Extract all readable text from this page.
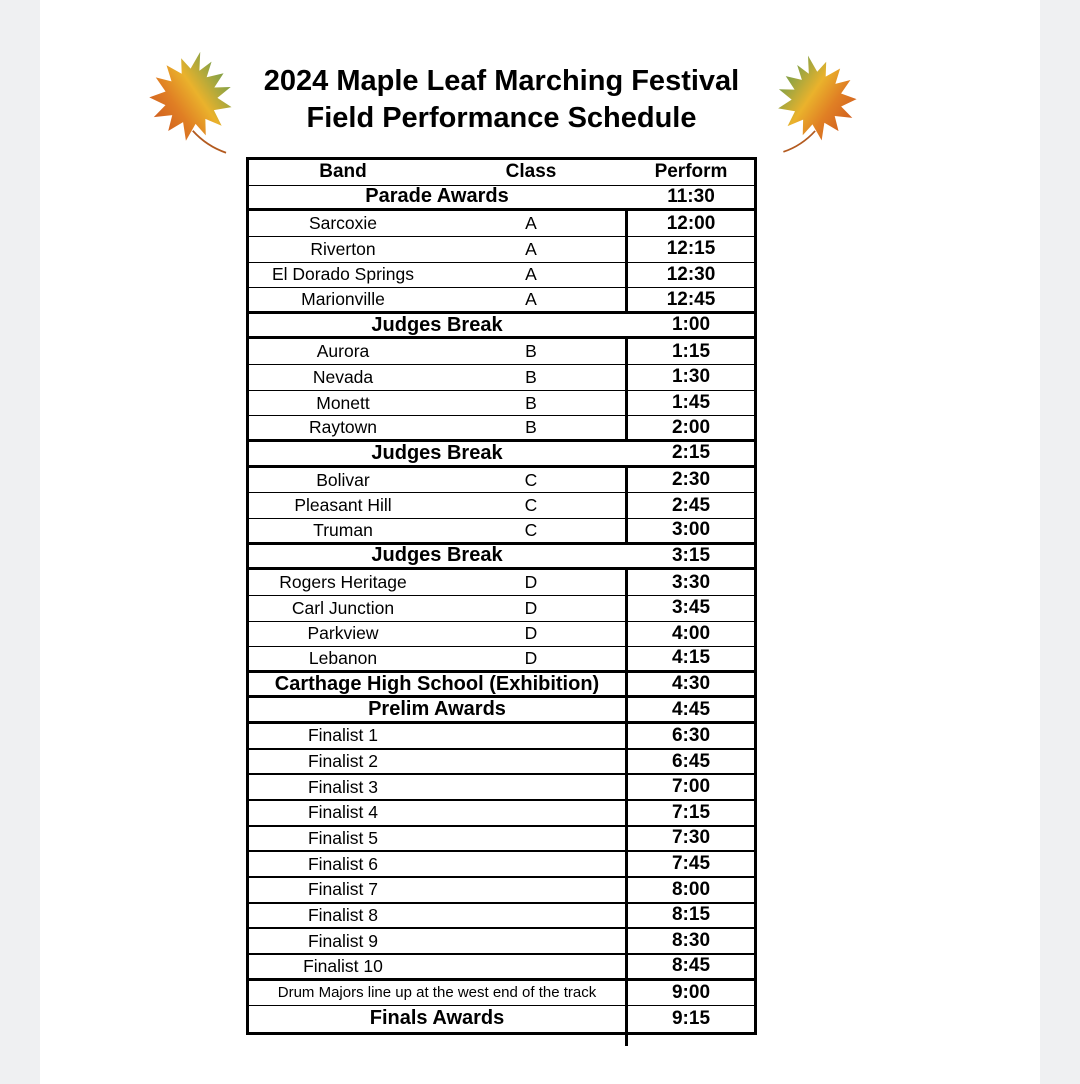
2024 Maple Leaf Marching Festival
Field Performance Schedule
Band	Class	Perform
Parade Awards	11:30
Sarcoxie	A	12:00
Riverton	A	12:15
El Dorado Springs	A	12:30
Marionville	A	12:45
Judges Break	1:00
Aurora	B	1:15
Nevada	B	1:30
Monett	B	1:45
Raytown	B	2:00
Judges Break	2:15
Bolivar	C	2:30
Pleasant Hill	C	2:45
Truman	C	3:00
Judges Break	3:15
Rogers Heritage	D	3:30
Carl Junction	D	3:45
Parkview	D	4:00
Lebanon	D	4:15
Carthage High School (Exhibition)	4:30
Prelim Awards	4:45
Finalist 1	6:30
Finalist 2	6:45
Finalist 3	7:00
Finalist 4	7:15
Finalist 5	7:30
Finalist 6	7:45
Finalist 7	8:00
Finalist 8	8:15
Finalist 9	8:30
Finalist 10	8:45
Drum Majors line up at the west end of the track	9:00
Finals Awards	9:15
